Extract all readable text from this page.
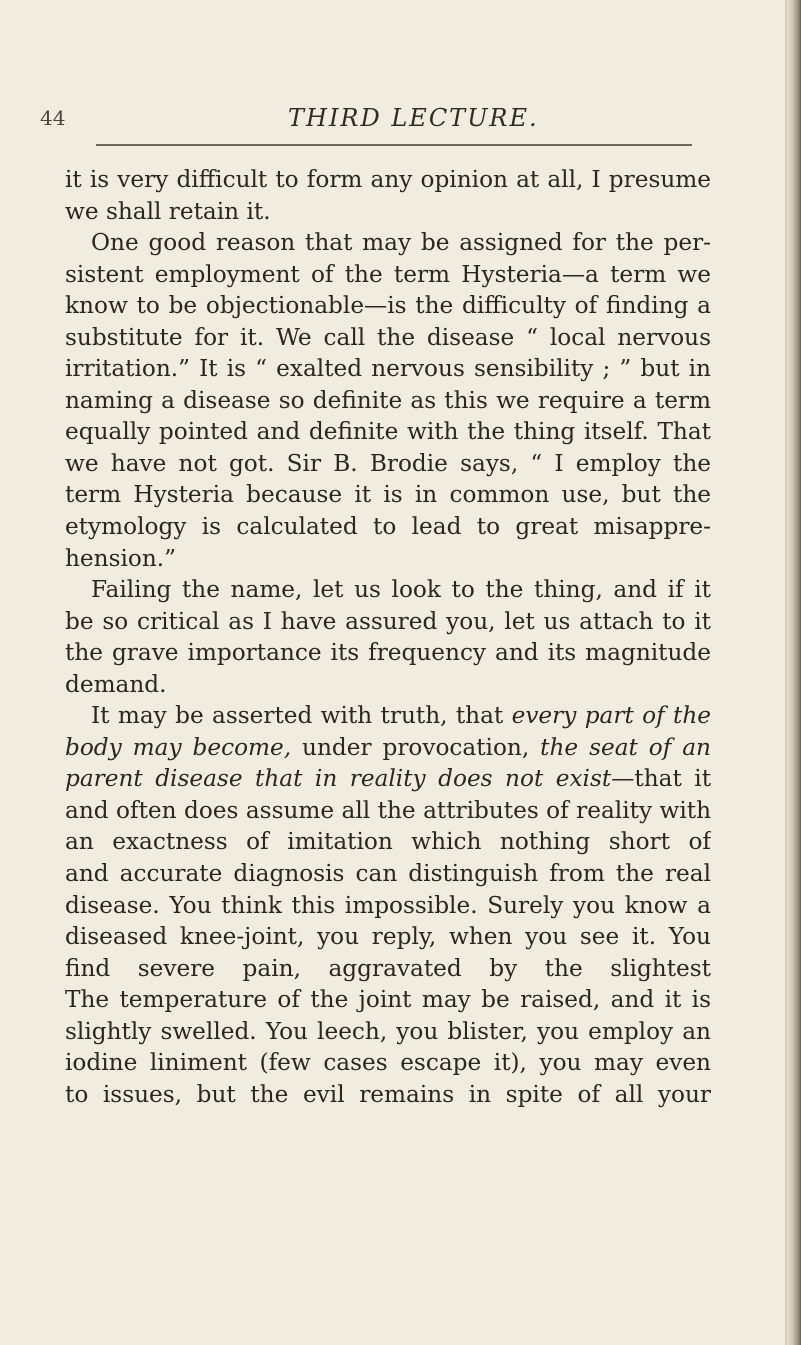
44	THIRD LECTURE.
it is very difficult to form any opinion at all, I presume
we shall retain it.
One good reason that may be assigned for the per-
sistent employment of the term Hysteria—a term we
know to be objectionable—is the difficulty of finding a
substitute for it. We call the disease “ local nervous
irritation.” It is “ exalted nervous sensibility ; ” but in
naming a disease so definite as this we require a term
equally pointed and definite with the thing itself. That
we have not got. Sir B. Brodie says, “ I employ the
term Hysteria because it is in common use, but the
etymology is calculated to lead to great misappre-
hension.”
Failing the name, let us look to the thing, and if it
be so critical as I have assured you, let us attach to it
the grave importance its frequency and its magnitude
demand.
It may be asserted with truth, that every part of the
body may become, under provocation, the seat of an
parent disease that in reality does not exist—that it
and often does assume all the attributes of reality with
an exactness of imitation which nothing short of
and accurate diagnosis can distinguish from the real
disease. You think this impossible. Surely you know a
diseased knee-joint, you reply, when you see it. You
find severe pain, aggravated by the slightest
The temperature of the joint may be raised, and it is
slightly swelled. You leech, you blister, you employ an
iodine liniment (few cases escape it), you may even
to issues, but the evil remains in spite of all your
